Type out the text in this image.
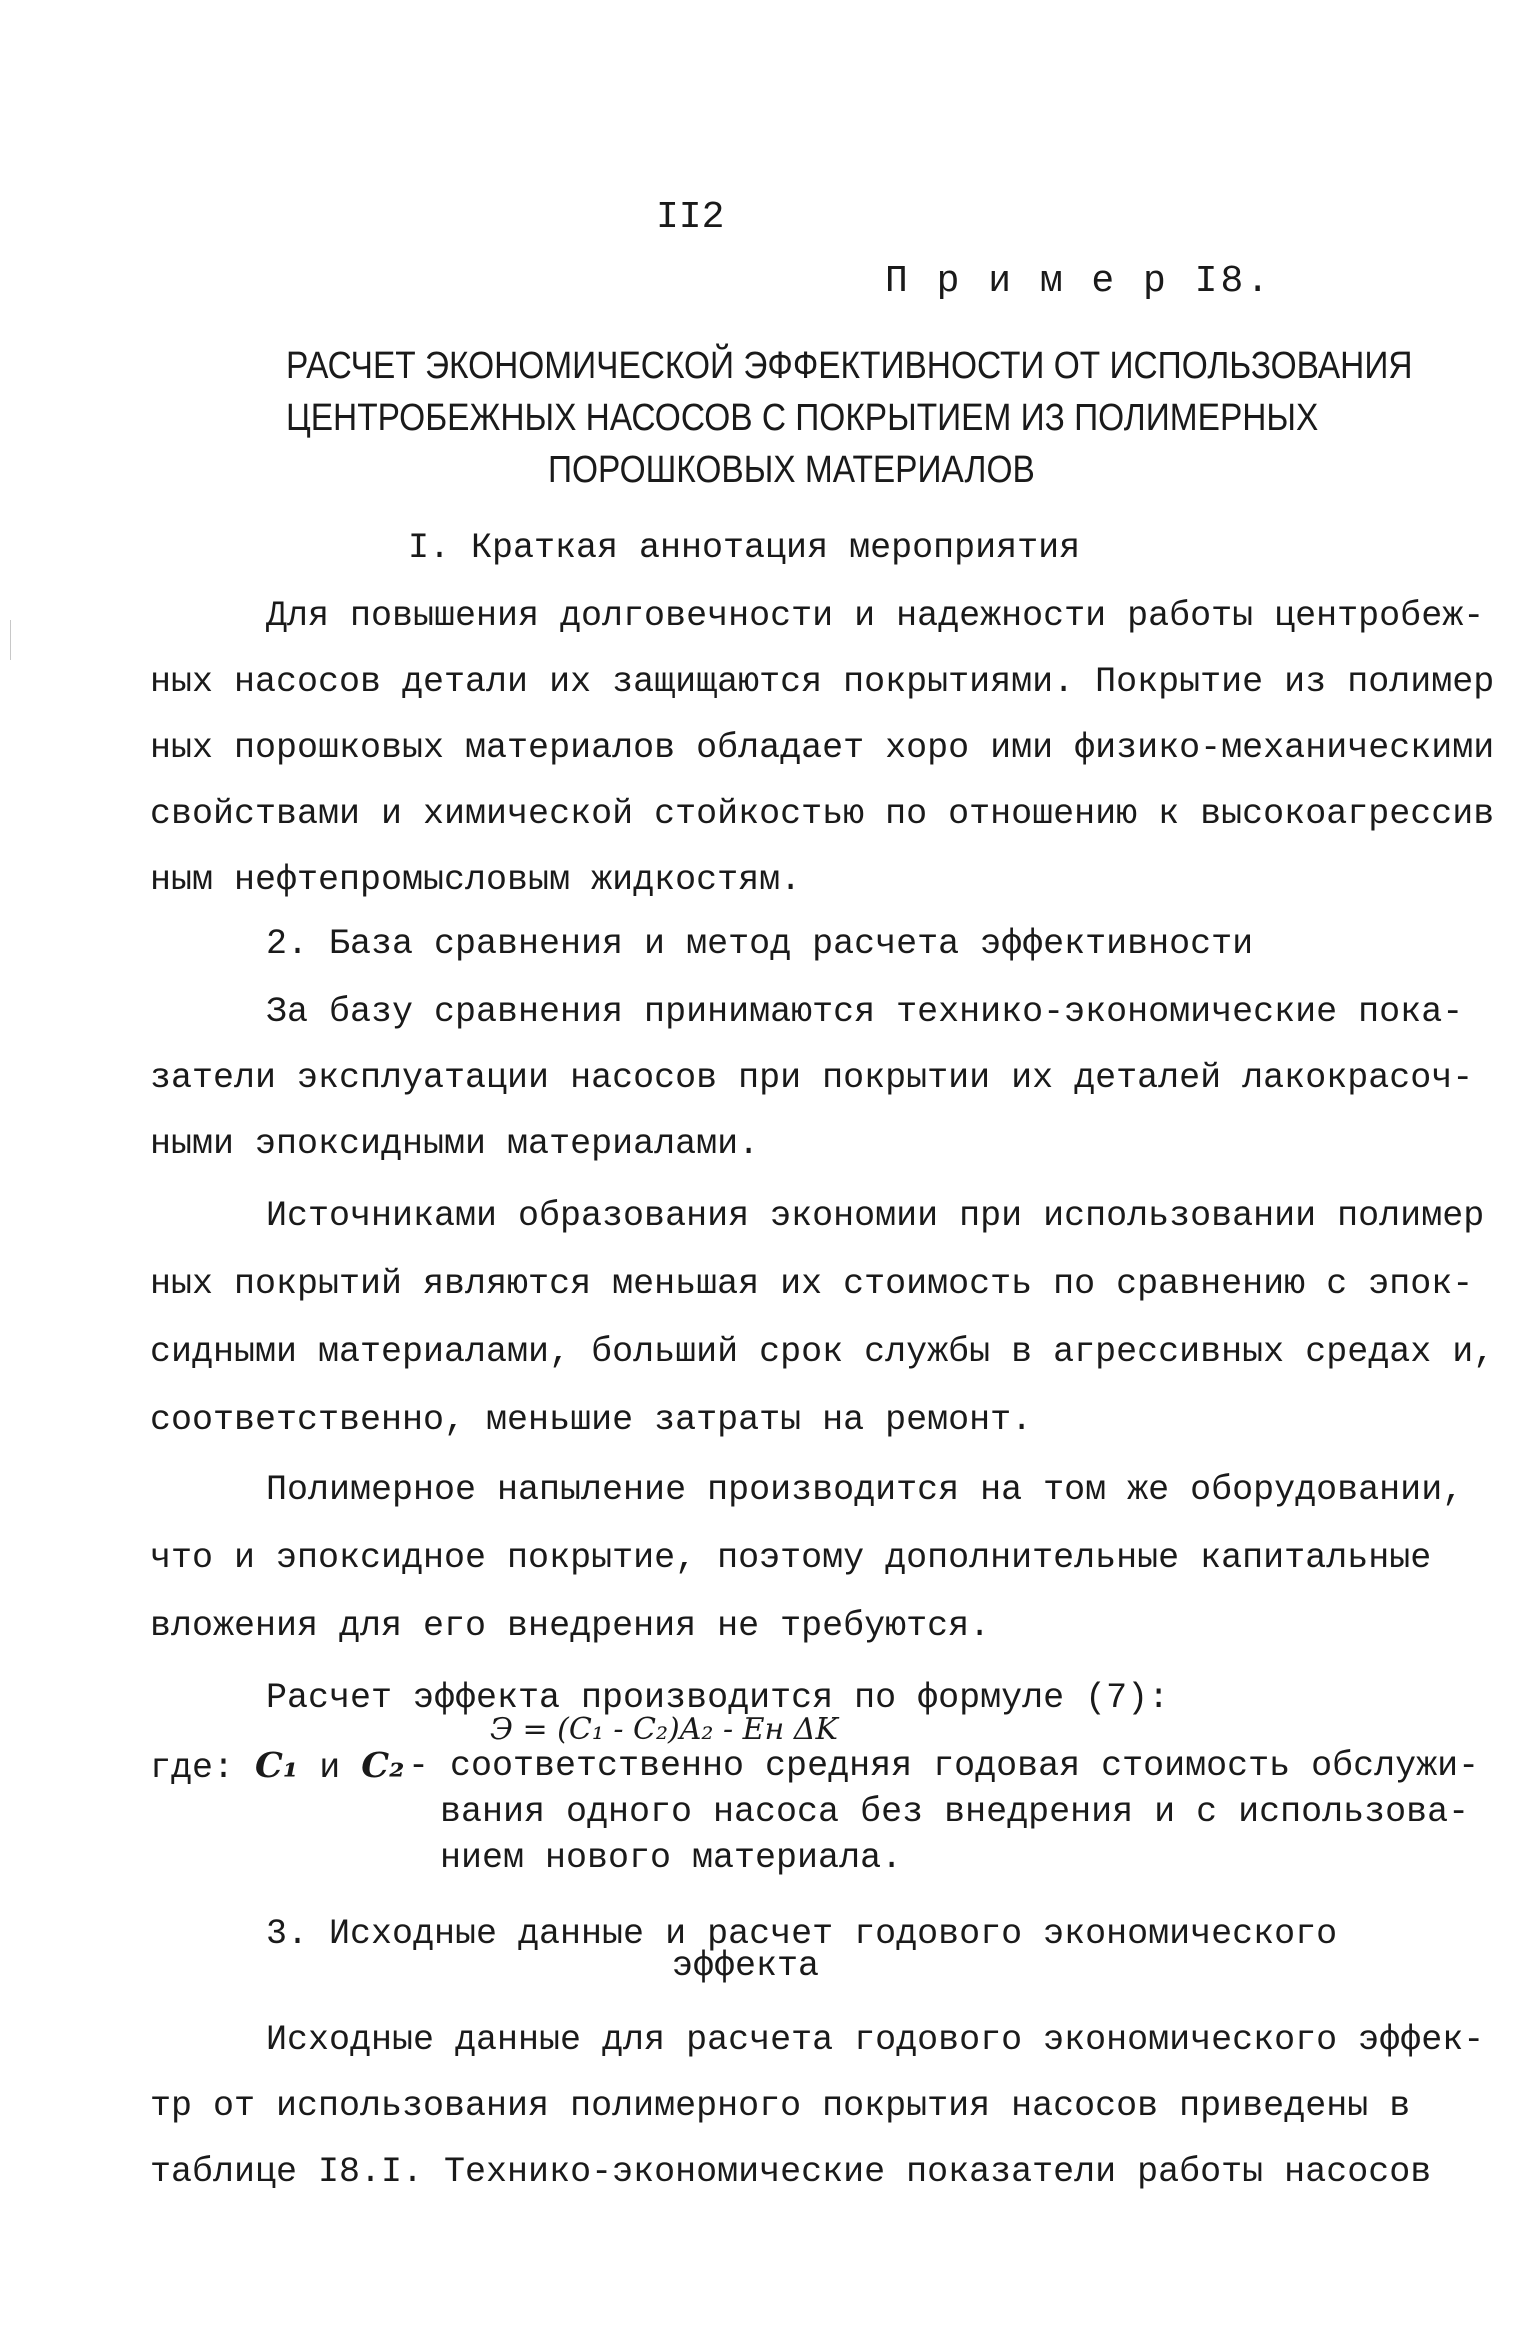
II2
П р и м е р I8.
РАСЧЕТ ЭКОНОМИЧЕСКОЙ ЭФФЕКТИВНОСТИ ОТ ИСПОЛЬЗОВАНИЯ
ЦЕНТРОБЕЖНЫХ НАСОСОВ С ПОКРЫТИЕМ ИЗ ПОЛИМЕРНЫХ
ПОРОШКОВЫХ МАТЕРИАЛОВ
I. Краткая аннотация мероприятия
Для повышения долговечности и надежности работы центробеж-
ных насосов детали их защищаются покрытиями. Покрытие из полимер
ных порошковых материалов обладает хоро ими физико-механическими
свойствами и химической стойкостью по отношению к высокоагрессив
ным нефтепромысловым жидкостям.
2. База сравнения и метод расчета эффективности
За базу сравнения принимаются технико-экономические пока-
затели эксплуатации насосов при покрытии их деталей лакокрасоч-
ными эпоксидными материалами.
Источниками образования экономии при использовании полимер
ных покрытий являются меньшая их стоимость по сравнению с эпок-
сидными материалами, больший срок службы в агрессивных средах и,
соответственно, меньшие затраты на ремонт.
Полимерное напыление производится на том же оборудовании,
что и эпоксидное покрытие, поэтому дополнительные капитальные
вложения для его внедрения не требуются.
Расчет эффекта производится по формуле (7):
Э = (C₁ - C₂)A₂ - Eн ΔK
где: C₁ и C₂ - соответственно средняя годовая стоимость обслужи-
вания одного насоса без внедрения и с использова-
нием нового материала.
3. Исходные данные и расчет годового экономического
эффекта
Исходные данные для расчета годового экономического эффек-
тр от использования полимерного покрытия насосов приведены в
таблице I8.I. Технико-экономические показатели работы насосов
